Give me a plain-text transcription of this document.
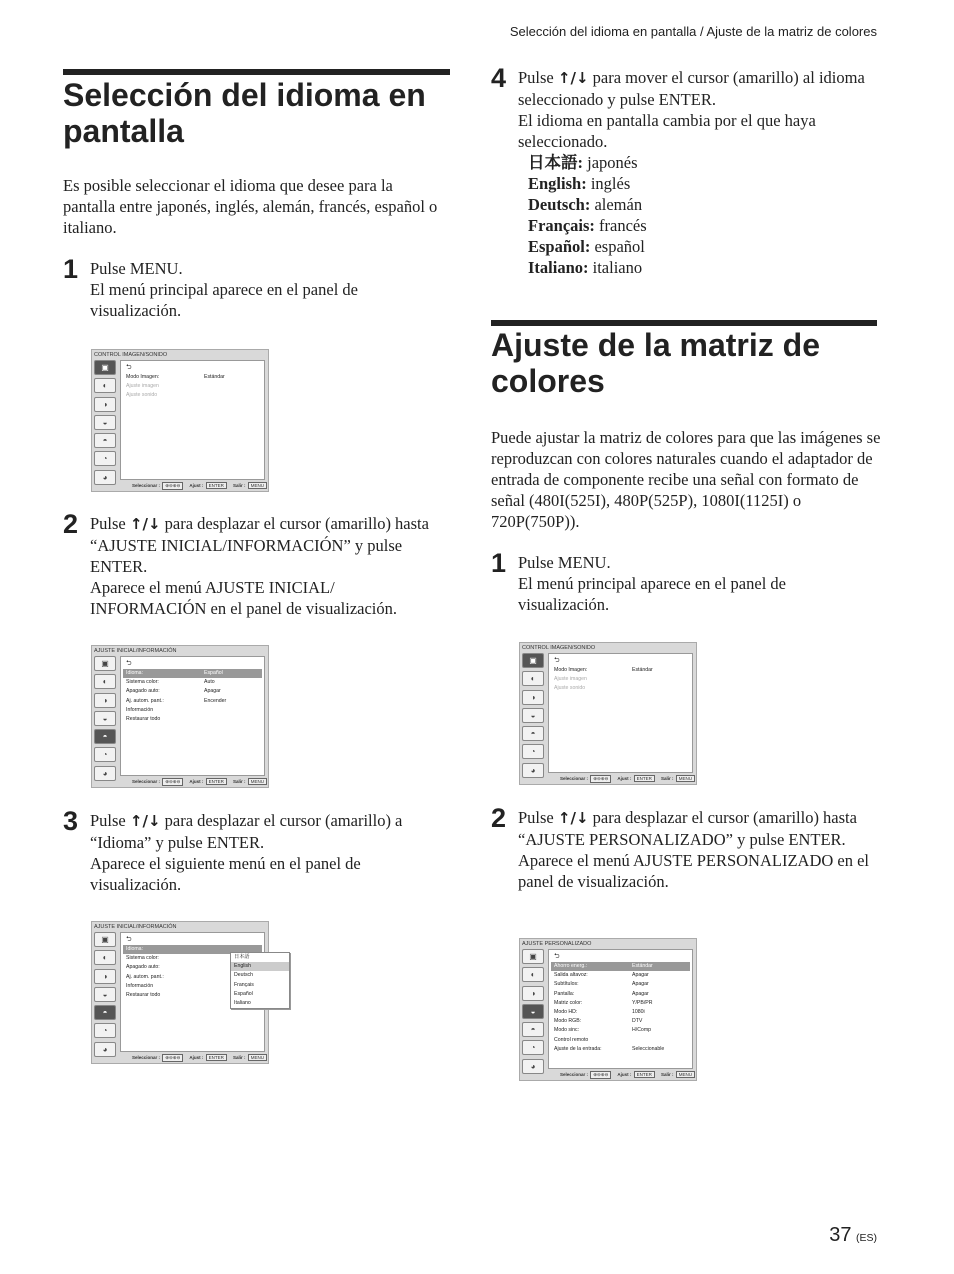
Selección del idioma en pantalla / Ajuste de la matriz de colores
Selección del idioma en pantalla
Es posible seleccionar el idioma que desee para la pantalla entre japonés, inglés, alemán, francés, español o italiano.
1 Pulse MENU.
El menú principal aparece en el panel de visualización.
CONTROL IMAGEN/SONIDO
▣
◐
◑
◒
◓
◔
◕
⮌
Modo Imagen:	Estándar
Ajuste imagen
Ajuste sonido
Seleccionar : ⊕⊖⊕⊖ Ajust : ENTER Salir : MENU
2 Pulse ↑/↓ para desplazar el cursor (amarillo) hasta “AJUSTE INICIAL/INFORMACIÓN” y pulse ENTER.
Aparece el menú AJUSTE INICIAL/ INFORMACIÓN en el panel de visualización.
AJUSTE INICIAL/INFORMACIÓN
▣
◐
◑
◒
◓
◔
◕
⮌
Idioma:	Español
Sistema color:	Auto
Apagado auto:	Apagar
Aj. autom. pant.:	Encender
Información
Restaurar todo
Seleccionar : ⊕⊖⊕⊖ Ajust : ENTER Salir : MENU
3 Pulse ↑/↓ para desplazar el cursor (amarillo) a “Idioma” y pulse ENTER.
Aparece el siguiente menú en el panel de visualización.
AJUSTE INICIAL/INFORMACIÓN
▣
◐
◑
◒
◓
◔
◕
⮌
Idioma:
Sistema color:
Apagado auto:
Aj. autom. pant.:
Información
Restaurar todo
日本語
English
Deutsch
Français
Español
Italiano
Seleccionar : ⊕⊖⊕⊖ Ajust : ENTER Salir : MENU
4 Pulse ↑/↓ para mover el cursor (amarillo) al idioma seleccionado y pulse ENTER.
El idioma en pantalla cambia por el que haya seleccionado.
日本語: japonés
English: inglés
Deutsch: alemán
Français: francés
Español: español
Italiano: italiano
Ajuste de la matriz de colores
Puede ajustar la matriz de colores para que las imágenes se reproduzcan con colores naturales cuando el adaptador de entrada de componente recibe una señal con formato de señal (480I(525I), 480P(525P), 1080I(1125I) o 720P(750P)).
1 Pulse MENU.
El menú principal aparece en el panel de visualización.
CONTROL IMAGEN/SONIDO
▣
◐
◑
◒
◓
◔
◕
⮌
Modo Imagen:	Estándar
Ajuste imagen
Ajuste sonido
Seleccionar : ⊕⊖⊕⊖ Ajust : ENTER Salir : MENU
2 Pulse ↑/↓ para desplazar el cursor (amarillo) hasta “AJUSTE PERSONALIZADO” y pulse ENTER.
Aparece el menú AJUSTE PERSONALIZADO en el panel de visualización.
AJUSTE PERSONALIZADO
▣
◐
◑
◒
◓
◔
◕
⮌
Ahorro energ.:	Estándar
Salida altavoz:	Apagar
Subtítulos:	Apagar
Pantalla:	Apagar
Matriz color:	Y/PB/PR
Modo HD:	1080i
Modo RGB:	DTV
Modo sinc:	H/Comp
Control remoto
Ajuste de la entrada:	Seleccionable
Seleccionar : ⊕⊖⊕⊖ Ajust : ENTER Salir : MENU
37 (ES)
